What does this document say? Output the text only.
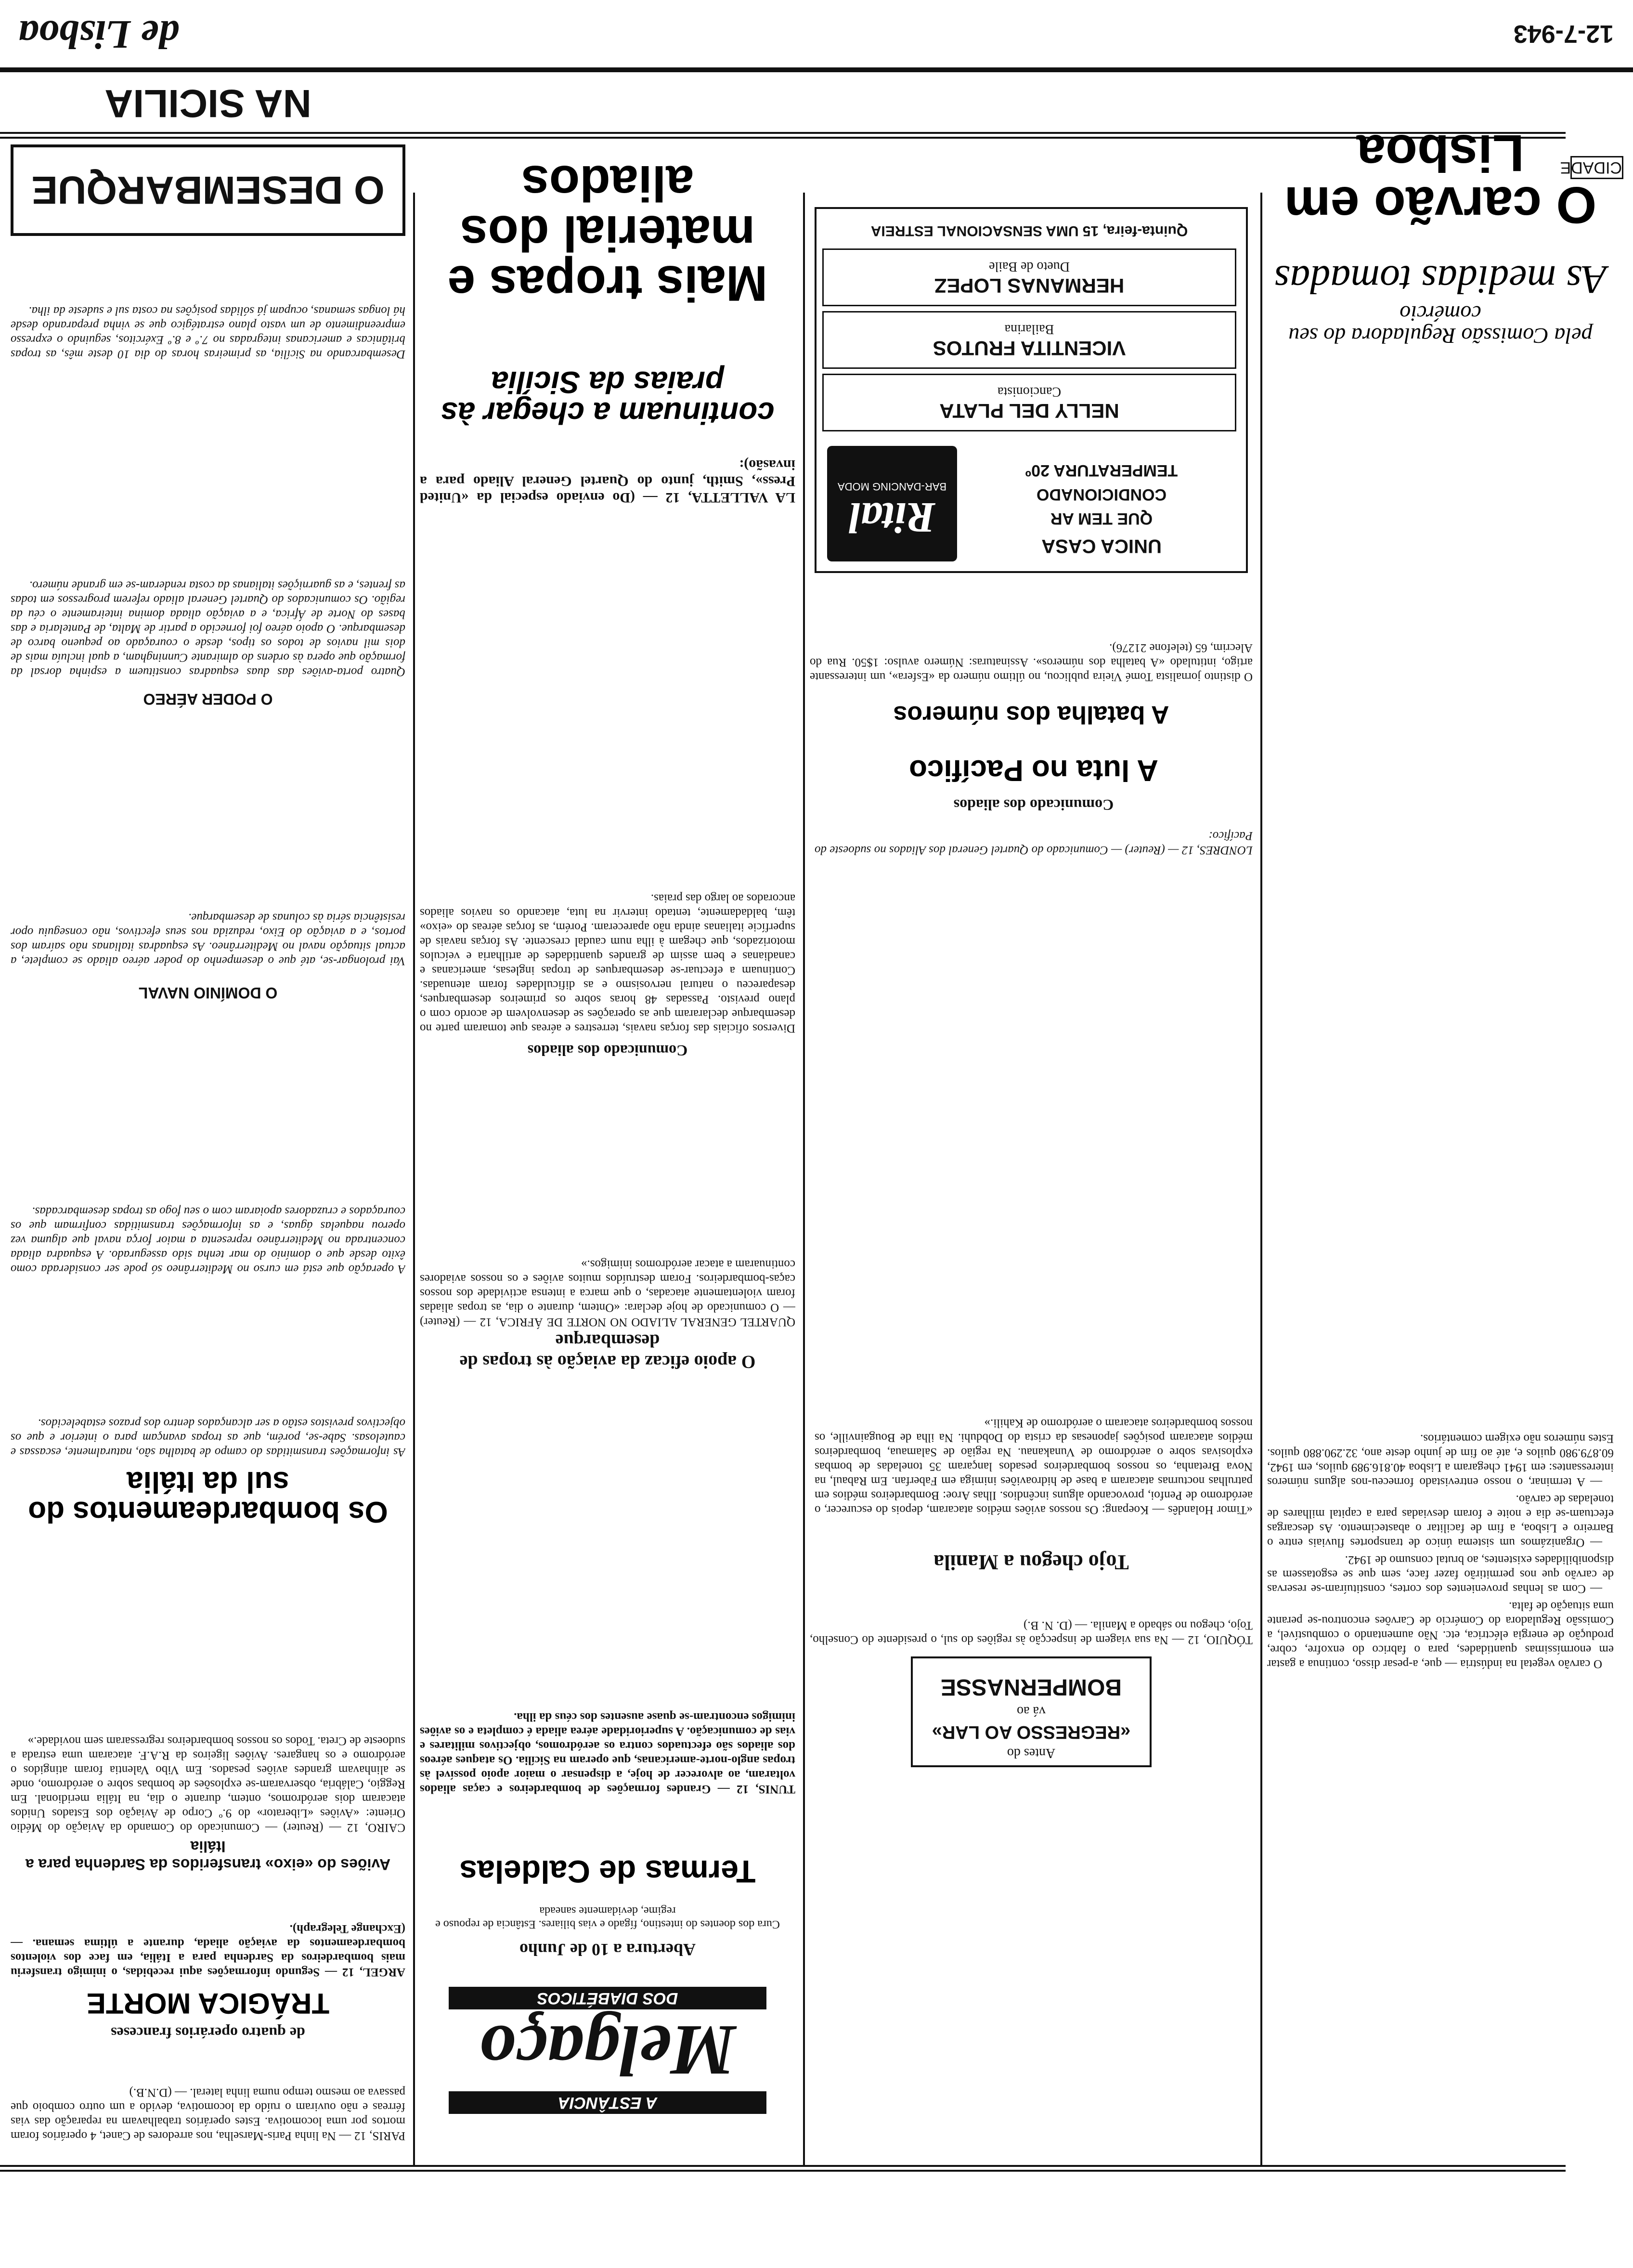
de Lisboa	12-7-943
CIDADE
O carvão em Lisboa
As medidas tomadas
pela Comissão Reguladora do seu comércio

O carvão vegetal na indústria — que, a-pesar disso, continua a gastar em enormíssimas quantidades, para o fabrico do enxofre, cobre, produção de energia eléctrica, etc. Não aumentando o combustível, a Comissão Reguladora do Comércio de Carvões encontrou-se perante uma situação de falta.

— Com as lenhas provenientes dos cortes, constituíram-se reservas de carvão que nos permitirão fazer face, sem que se esgotassem as disponibilidades existentes, ao brutal consumo de 1942.

— Organizámos um sistema único de transportes fluviais entre o Barreiro e Lisboa, a fim de facilitar o abastecimento. As descargas efectuam-se dia e noite e foram desviadas para a capital milhares de toneladas de carvão.

— A terminar, o nosso entrevistado forneceu-nos alguns números interessantes: em 1941 chegaram a Lisboa 40.816.989 quilos, em 1942, 60.879.980 quilos e, até ao fim de junho deste ano, 32.290.880 quilos. Estes números não exigem comentários.

A batalha dos números
O distinto jornalista Tomé Vieira publicou, no último número da «Esfera», um interessante artigo, intitulado «A batalha dos números». Assinaturas: Número avulso: 1$50. Rua do Alecrim, 65 (telefone 21276).
UNICA CASA
QUE TEM AR
CONDICIONADO
TEMPERATURA 20º
Rital
BAR-DANCING MODA
NELLY DEL PLATA
Cancionista
VICENTITA FRUTOS
Bailarina
HERMANAS LOPEZ
Dueto de Baile
Quinta-feira, 15 UMA SENSACIONAL ESTREIA
Mais tropas e material dos aliados
continuam a chegar às praias da Sicília
LA VALLETTA, 12 — (Do enviado especial da «United Press», Smith, junto do Quartel General Aliado para a invasão):
Diversos oficiais das forças navais, terrestres e aéreas que tomaram parte no desembarque declararam que as operações se desenvolvem de acordo com o plano previsto. Passadas 48 horas sobre os primeiros desembarques, desapareceu o natural nervosismo e as dificuldades foram atenuadas. Continuam a efectuar-se desembarques de tropas inglesas, americanas e canadianas e bem assim de grandes quantidades de artilharia e veículos motorizados, que chegam à ilha num caudal crescente. As forças navais de superfície italianas ainda não apareceram. Porém, as forças aéreas do «eixo» têm, baldadamente, tentado intervir na luta, atacando os navios aliados ancorados ao largo das praias.
Comunicado dos aliados
QUARTEL GENERAL ALIADO NO NORTE DE ÁFRICA, 12 — (Reuter) — O comunicado de hoje declara: «Ontem, durante o dia, as tropas aliadas foram violentamente atacadas, o que marca a intensa actividade dos nossos caças-bombardeiros. Foram destruídos muitos aviões e os nossos aviadores continuaram a atacar aeródromos inimigos.»
O apoio eficaz da aviação às tropas de desembarque
TUNIS, 12 — Grandes formações de bombardeiros e caças aliados voltaram, ao alvorecer de hoje, a dispensar o maior apoio possível às tropas anglo-norte-americanas, que operam na Sicília. Os ataques aéreos dos aliados são efectuados contra os aeródromos, objectivos militares e vias de comunicação. A superioridade aérea aliada é completa e os aviões inimigos encontram-se quase ausentes dos céus da ilha.
Termas de Caldelas
Cura dos doentes do intestino, fígado e vias biliares. Estância de repouso e regime, devidamente saneada
Abertura a 10 de Junho
A ESTÂNCIA
Melgaço
DOS DIABÉTICOS
O DESEMBARQUE NA SICILIA
Desembarcando na Sicília, as primeiras horas do dia 10 deste mês, as tropas britânicas e americanas integradas no 7.º e 8.º Exércitos, seguindo o expresso empreendimento de um vasto plano estratégico que se vinha preparando desde há longas semanas, ocupam já sólidas posições na costa sul e sudeste da ilha.
Quatro porta-aviões das duas esquadras constituem a espinha dorsal da formação que opera às ordens do almirante Cunningham, a qual incluía mais de dois mil navios de todos os tipos, desde o couraçado ao pequeno barco de desembarque. O apoio aéreo foi fornecido a partir de Malta, de Pantelaria e das bases do Norte de África, e a aviação aliada domina inteiramente o céu da região. Os comunicados do Quartel General aliado referem progressos em todas as frentes, e as guarnições italianas da costa renderam-se em grande número.
O PODER AÉREO
Vai prolongar-se, até que o desempenho do poder aéreo aliado se complete, a actual situação naval no Mediterrâneo. As esquadras italianas não saíram dos portos, e a aviação do Eixo, reduzida nos seus efectivos, não conseguiu opor resistência séria às colunas de desembarque.
O DOMÍNIO NAVAL
A operação que está em curso no Mediterrâneo só pode ser considerada como êxito desde que o domínio do mar tenha sido assegurado. A esquadra aliada concentrada no Mediterrâneo representa a maior força naval que alguma vez operou naquelas águas, e as informações transmitidas confirmam que os couraçados e cruzadores apoiaram com o seu fogo as tropas desembarcadas.
As informações transmitidas do campo de batalha são, naturalmente, escassas e cautelosas. Sabe-se, porém, que as tropas avançam para o interior e que os objectivos previstos estão a ser alcançados dentro dos prazos estabelecidos.
Os bombardeamentos do sul da Itália
CAIRO, 12 — (Reuter) — Comunicado do Comando da Aviação do Médio Oriente: «Aviões «Liberator» do 9.º Corpo de Aviação dos Estados Unidos atacaram dois aeródromos, ontem, durante o dia, na Itália meridional. Em Reggio, Calábria, observaram-se explosões de bombas sobre o aeródromo, onde se alinhavam grandes aviões pesados. Em Vibo Valentia foram atingidos o aeródromo e os hangares. Aviões ligeiros da R.A.F. atacaram uma estrada a sudoeste de Creta. Todos os nossos bombardeiros regressaram sem novidade.»
Aviões do «eixo» transferidos da Sardenha para a Itália
ARGEL, 12 — Segundo informações aqui recebidas, o inimigo transferiu mais bombardeiros da Sardenha para a Itália, em face dos violentos bombardeamentos da aviação aliada, durante a última semana. — (Exchange Telegraph).
TRÁGICA MORTE
de quatro operários franceses
PARIS, 12 — Na linha Paris-Marselha, nos arredores de Canet, 4 operários foram mortos por uma locomotiva. Estes operários trabalhavam na reparação das vias férreas e não ouviram o ruído da locomotiva, devido a um outro comboio que passava ao mesmo tempo numa linha lateral. — (D.N.B.)
A luta no Pacífico
Comunicado dos aliados
LONDRES, 12 — (Reuter) — Comunicado do Quartel General dos Aliados no sudoeste do Pacífico:
«Timor Holandês — Koepang: Os nossos aviões médios atacaram, depois do escurecer, o aeródromo de Penfoi, provocando alguns incêndios. Ilhas Aroe: Bombardeiros médios em patrulhas nocturnas atacaram a base de hidroaviões inimiga em Faberfan. Em Rabaul, na Nova Bretanha, os nossos bombardeiros pesados lançaram 35 toneladas de bombas explosivas sobre o aeródromo de Vunakanau. Na região de Salamaua, bombardeiros médios atacaram posições japonesas da crista do Dobduhi. Na ilha de Bougainville, os nossos bombardeiros atacaram o aeródromo de Kahili.»
Tojo chegou a Manila
TÓQUIO, 12 — Na sua viagem de inspecção às regiões do sul, o presidente do Conselho, Tojo, chegou no sábado a Manila. — (D. N. B.)
Antes do
«REGRESSO AO LAR»
vá ao
BOMPERNASSE
